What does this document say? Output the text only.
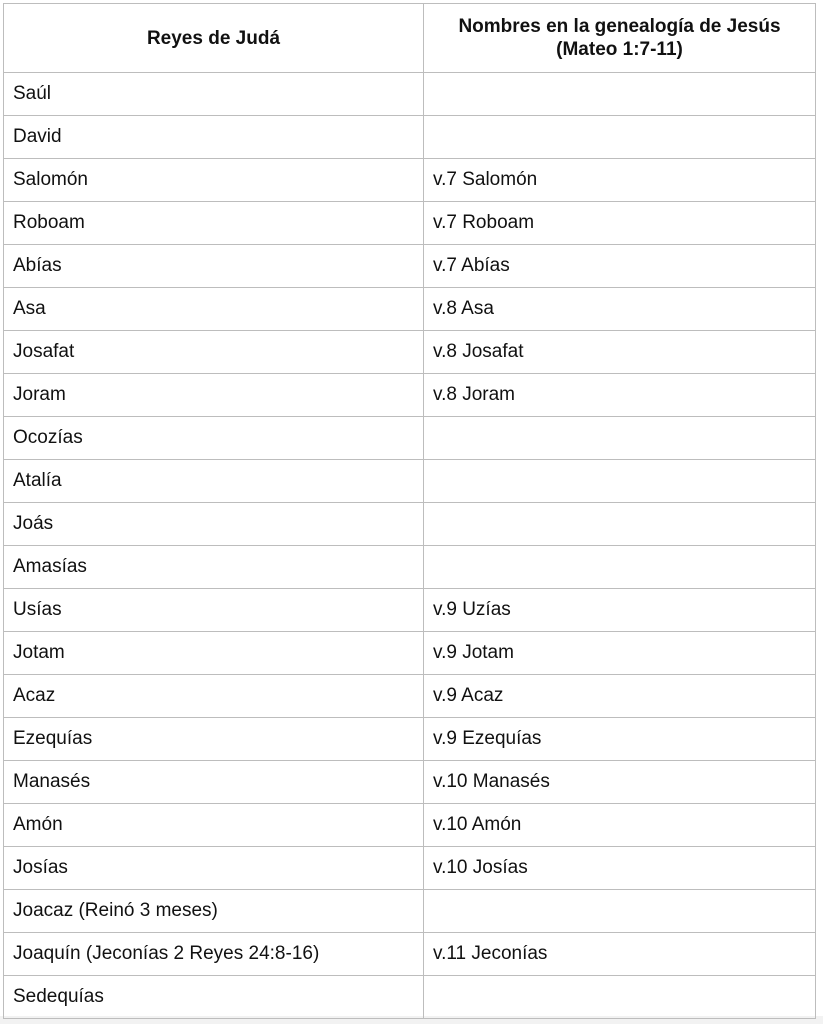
Reyes de Judá	Nombres en la genealogía de Jesús
(Mateo 1:7-11)

Saúl	
David	
Salomón	v.7 Salomón
Roboam	v.7 Roboam
Abías	v.7 Abías
Asa	v.8 Asa
Josafat	v.8 Josafat
Joram	v.8 Joram
Ocozías	
Atalía	
Joás	
Amasías	
Usías	v.9 Uzías
Jotam	v.9 Jotam
Acaz	v.9 Acaz
Ezequías	v.9 Ezequías
Manasés	v.10 Manasés
Amón	v.10 Amón
Josías	v.10 Josías
Joacaz (Reinó 3 meses)	
Joaquín (Jeconías 2 Reyes 24:8-16)	v.11 Jeconías
Sedequías	
